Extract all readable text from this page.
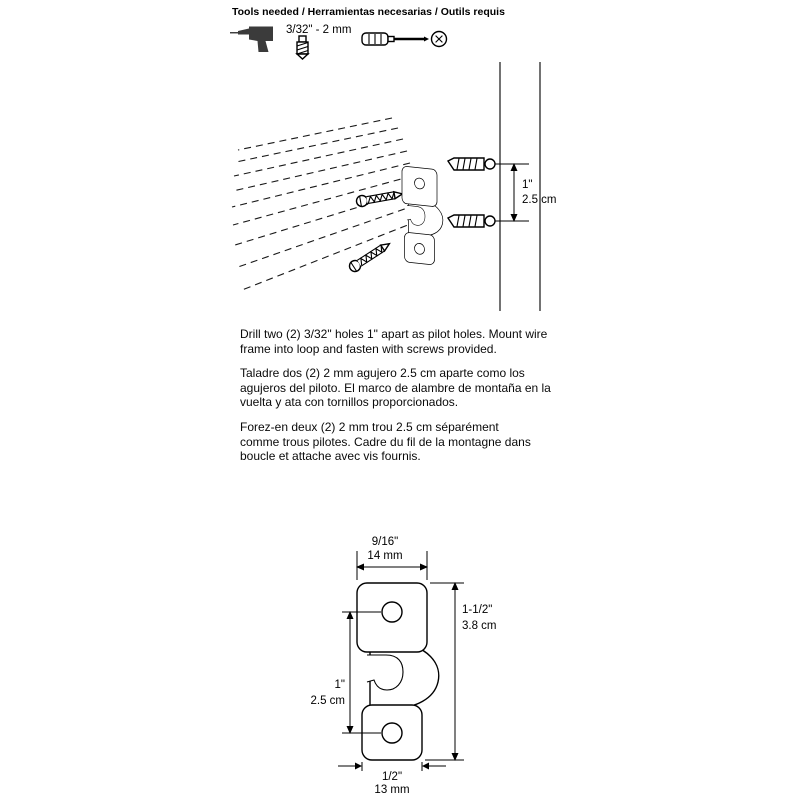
Tools needed / Herramientas necesarias / Outils requis
Drill two (2) 3/32" holes 1" apart as pilot holes. Mount wire frame into loop and fasten with screws provided.
Taladre dos (2) 2 mm agujero 2.5 cm aparte como los agujeros del piloto. El marco de alambre de montaña en la vuelta y ata con tornillos proporcionados.
Forez-en deux (2) 2 mm trou 2.5 cm séparément comme trous pilotes. Cadre du fil de la montagne dans boucle et attache avec vis fournis.
3/32" - 2 mm
1"
2.5 cm
9/16"
14 mm
1-1/2"
3.8 cm
1"
2.5 cm
1/2"
13 mm
